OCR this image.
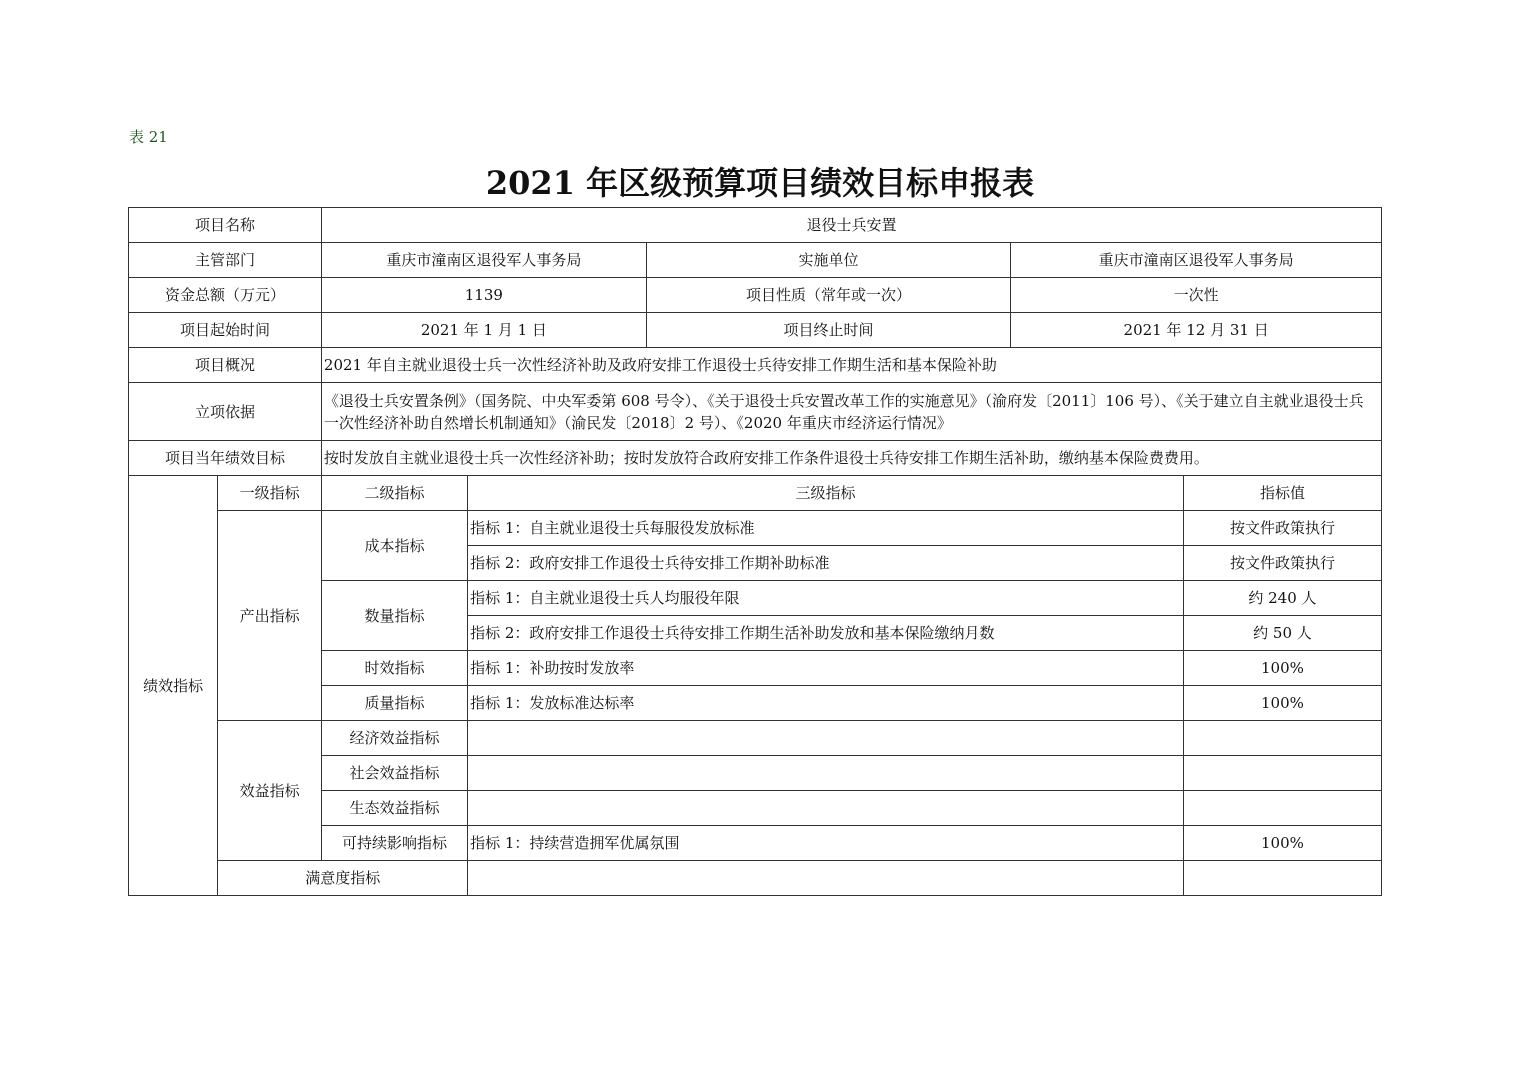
表 21
2021 年区级预算项目绩效目标申报表
项目名称		退役士兵安置				
主管部门		重庆市潼南区退役军人事务局		实施单位	重庆市潼南区退役军人事务局	
资金总额（万元）		1139		项目性质（常年或一次）	一次性	
项目起始时间		2021 年 1 月 1 日		项目终止时间	2021 年 12 月 31 日	
项目概况		2021 年自主就业退役士兵一次性经济补助及政府安排工作退役士兵待安排工作期生活和基本保险补助				
立项依据		《退役士兵安置条例》（国务院、中央军委第 608 号令）、《关于退役士兵安置改革工作的实施意见》（渝府发〔2011〕106 号）、《关于建立自主就业退役士兵一次性经济补助自然增长机制通知》（渝民发〔2018〕2 号）、《2020 年重庆市经济运行情况》				
项目当年绩效目标		按时发放自主就业退役士兵一次性经济补助；按时发放符合政府安排工作条件退役士兵待安排工作期生活补助，缴纳基本保险费费用。				
绩效指标	一级指标	二级指标	三级指标			指标值
	产出指标	成本指标	指标 1：自主就业退役士兵每服役发放标准			按文件政策执行
			指标 2：政府安排工作退役士兵待安排工作期补助标准			按文件政策执行
		数量指标	指标 1：自主就业退役士兵人均服役年限			约 240 人
			指标 2：政府安排工作退役士兵待安排工作期生活补助发放和基本保险缴纳月数			约 50 人
		时效指标	指标 1：补助按时发放率			100%
		质量指标	指标 1：发放标准达标率			100%
	效益指标	经济效益指标				
		社会效益指标				
		生态效益指标				
		可持续影响指标	指标 1：持续营造拥军优属氛围			100%
	满意度指标					
